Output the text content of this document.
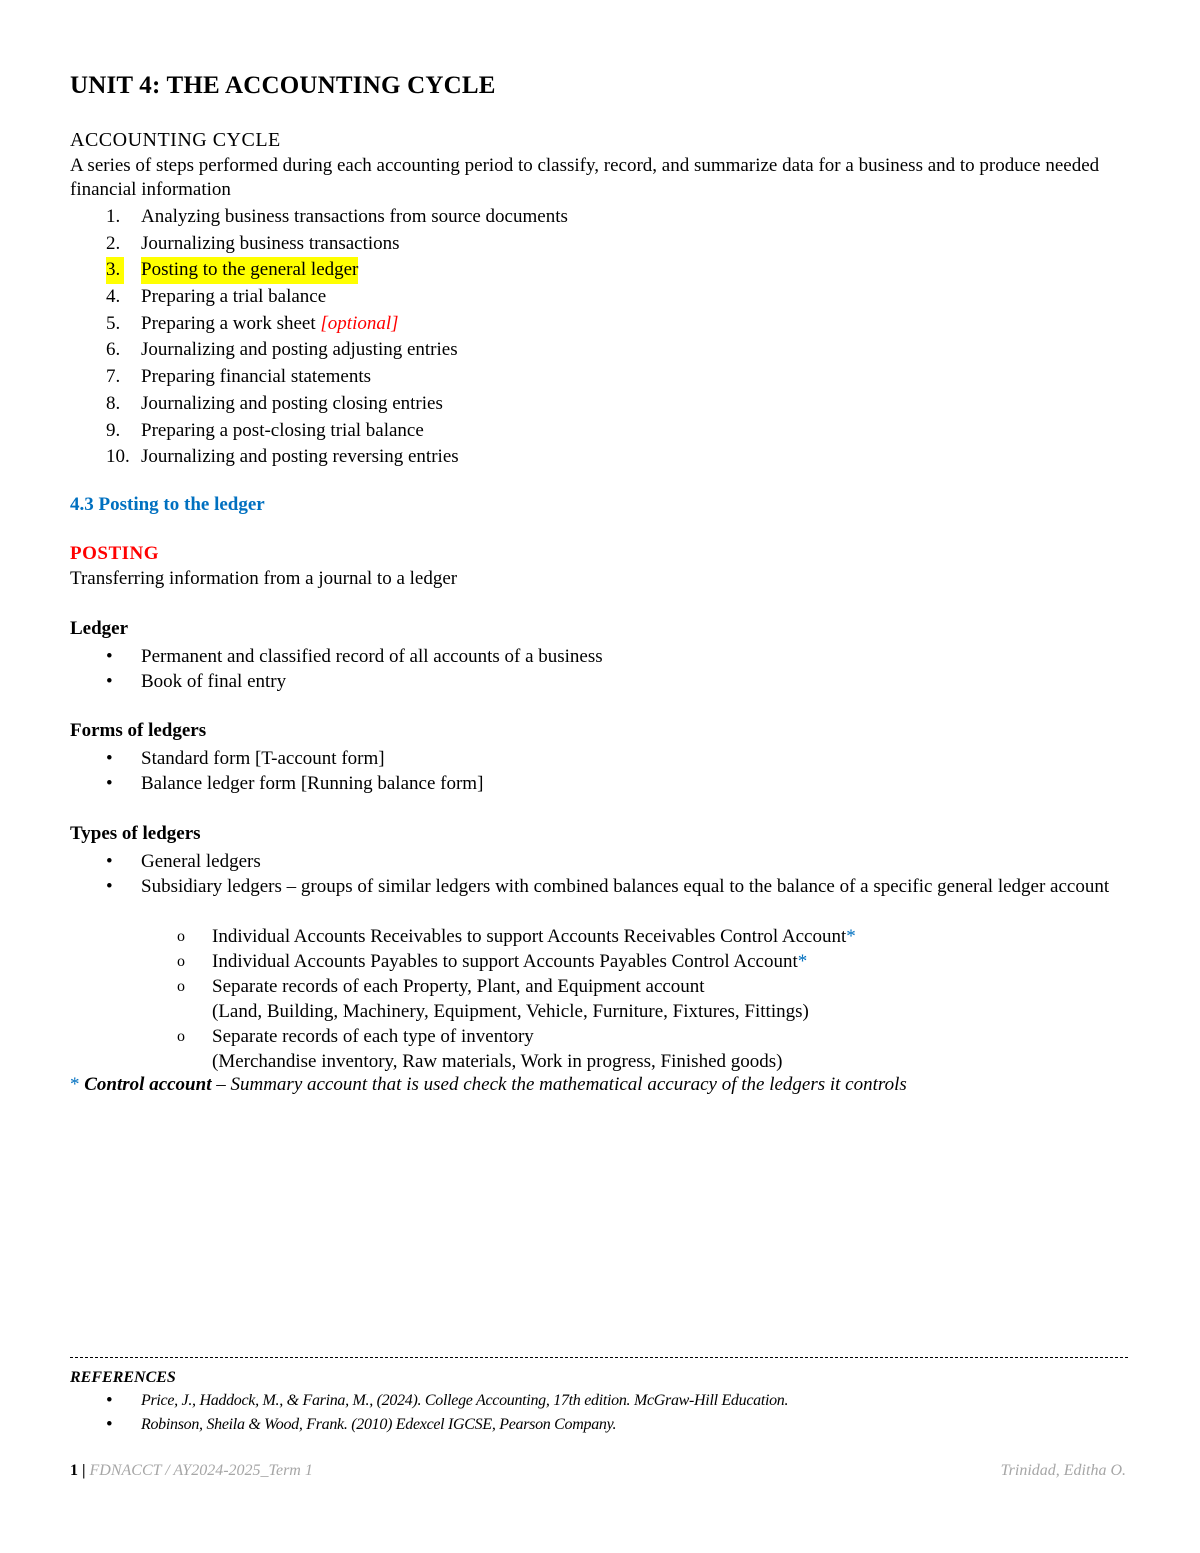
UNIT 4: THE ACCOUNTING CYCLE
ACCOUNTING CYCLE
A series of steps performed during each accounting period to classify, record, and summarize data for a business and to produce needed financial information
1. Analyzing business transactions from source documents
2. Journalizing business transactions
3. Posting to the general ledger
4. Preparing a trial balance
5. Preparing a work sheet [optional]
6. Journalizing and posting adjusting entries
7. Preparing financial statements
8. Journalizing and posting closing entries
9. Preparing a post-closing trial balance
10. Journalizing and posting reversing entries
4.3 Posting to the ledger
POSTING
Transferring information from a journal to a ledger
Ledger
• Permanent and classified record of all accounts of a business
• Book of final entry
Forms of ledgers
• Standard form [T-account form]
• Balance ledger form [Running balance form]
Types of ledgers
• General ledgers
• Subsidiary ledgers – groups of similar ledgers with combined balances equal to the balance of a specific general ledger account
o Individual Accounts Receivables to support Accounts Receivables Control Account*
o Individual Accounts Payables to support Accounts Payables Control Account*
o Separate records of each Property, Plant, and Equipment account
(Land, Building, Machinery, Equipment, Vehicle, Furniture, Fixtures, Fittings)
o Separate records of each type of inventory
(Merchandise inventory, Raw materials, Work in progress, Finished goods)
* Control account – Summary account that is used check the mathematical accuracy of the ledgers it controls
REFERENCES
• Price, J., Haddock, M., & Farina, M., (2024). College Accounting, 17th edition. McGraw-Hill Education.
• Robinson, Sheila & Wood, Frank. (2010) Edexcel IGCSE, Pearson Company.
1 | FDNACCT / AY2024-2025_Term 1	Trinidad, Editha O.
